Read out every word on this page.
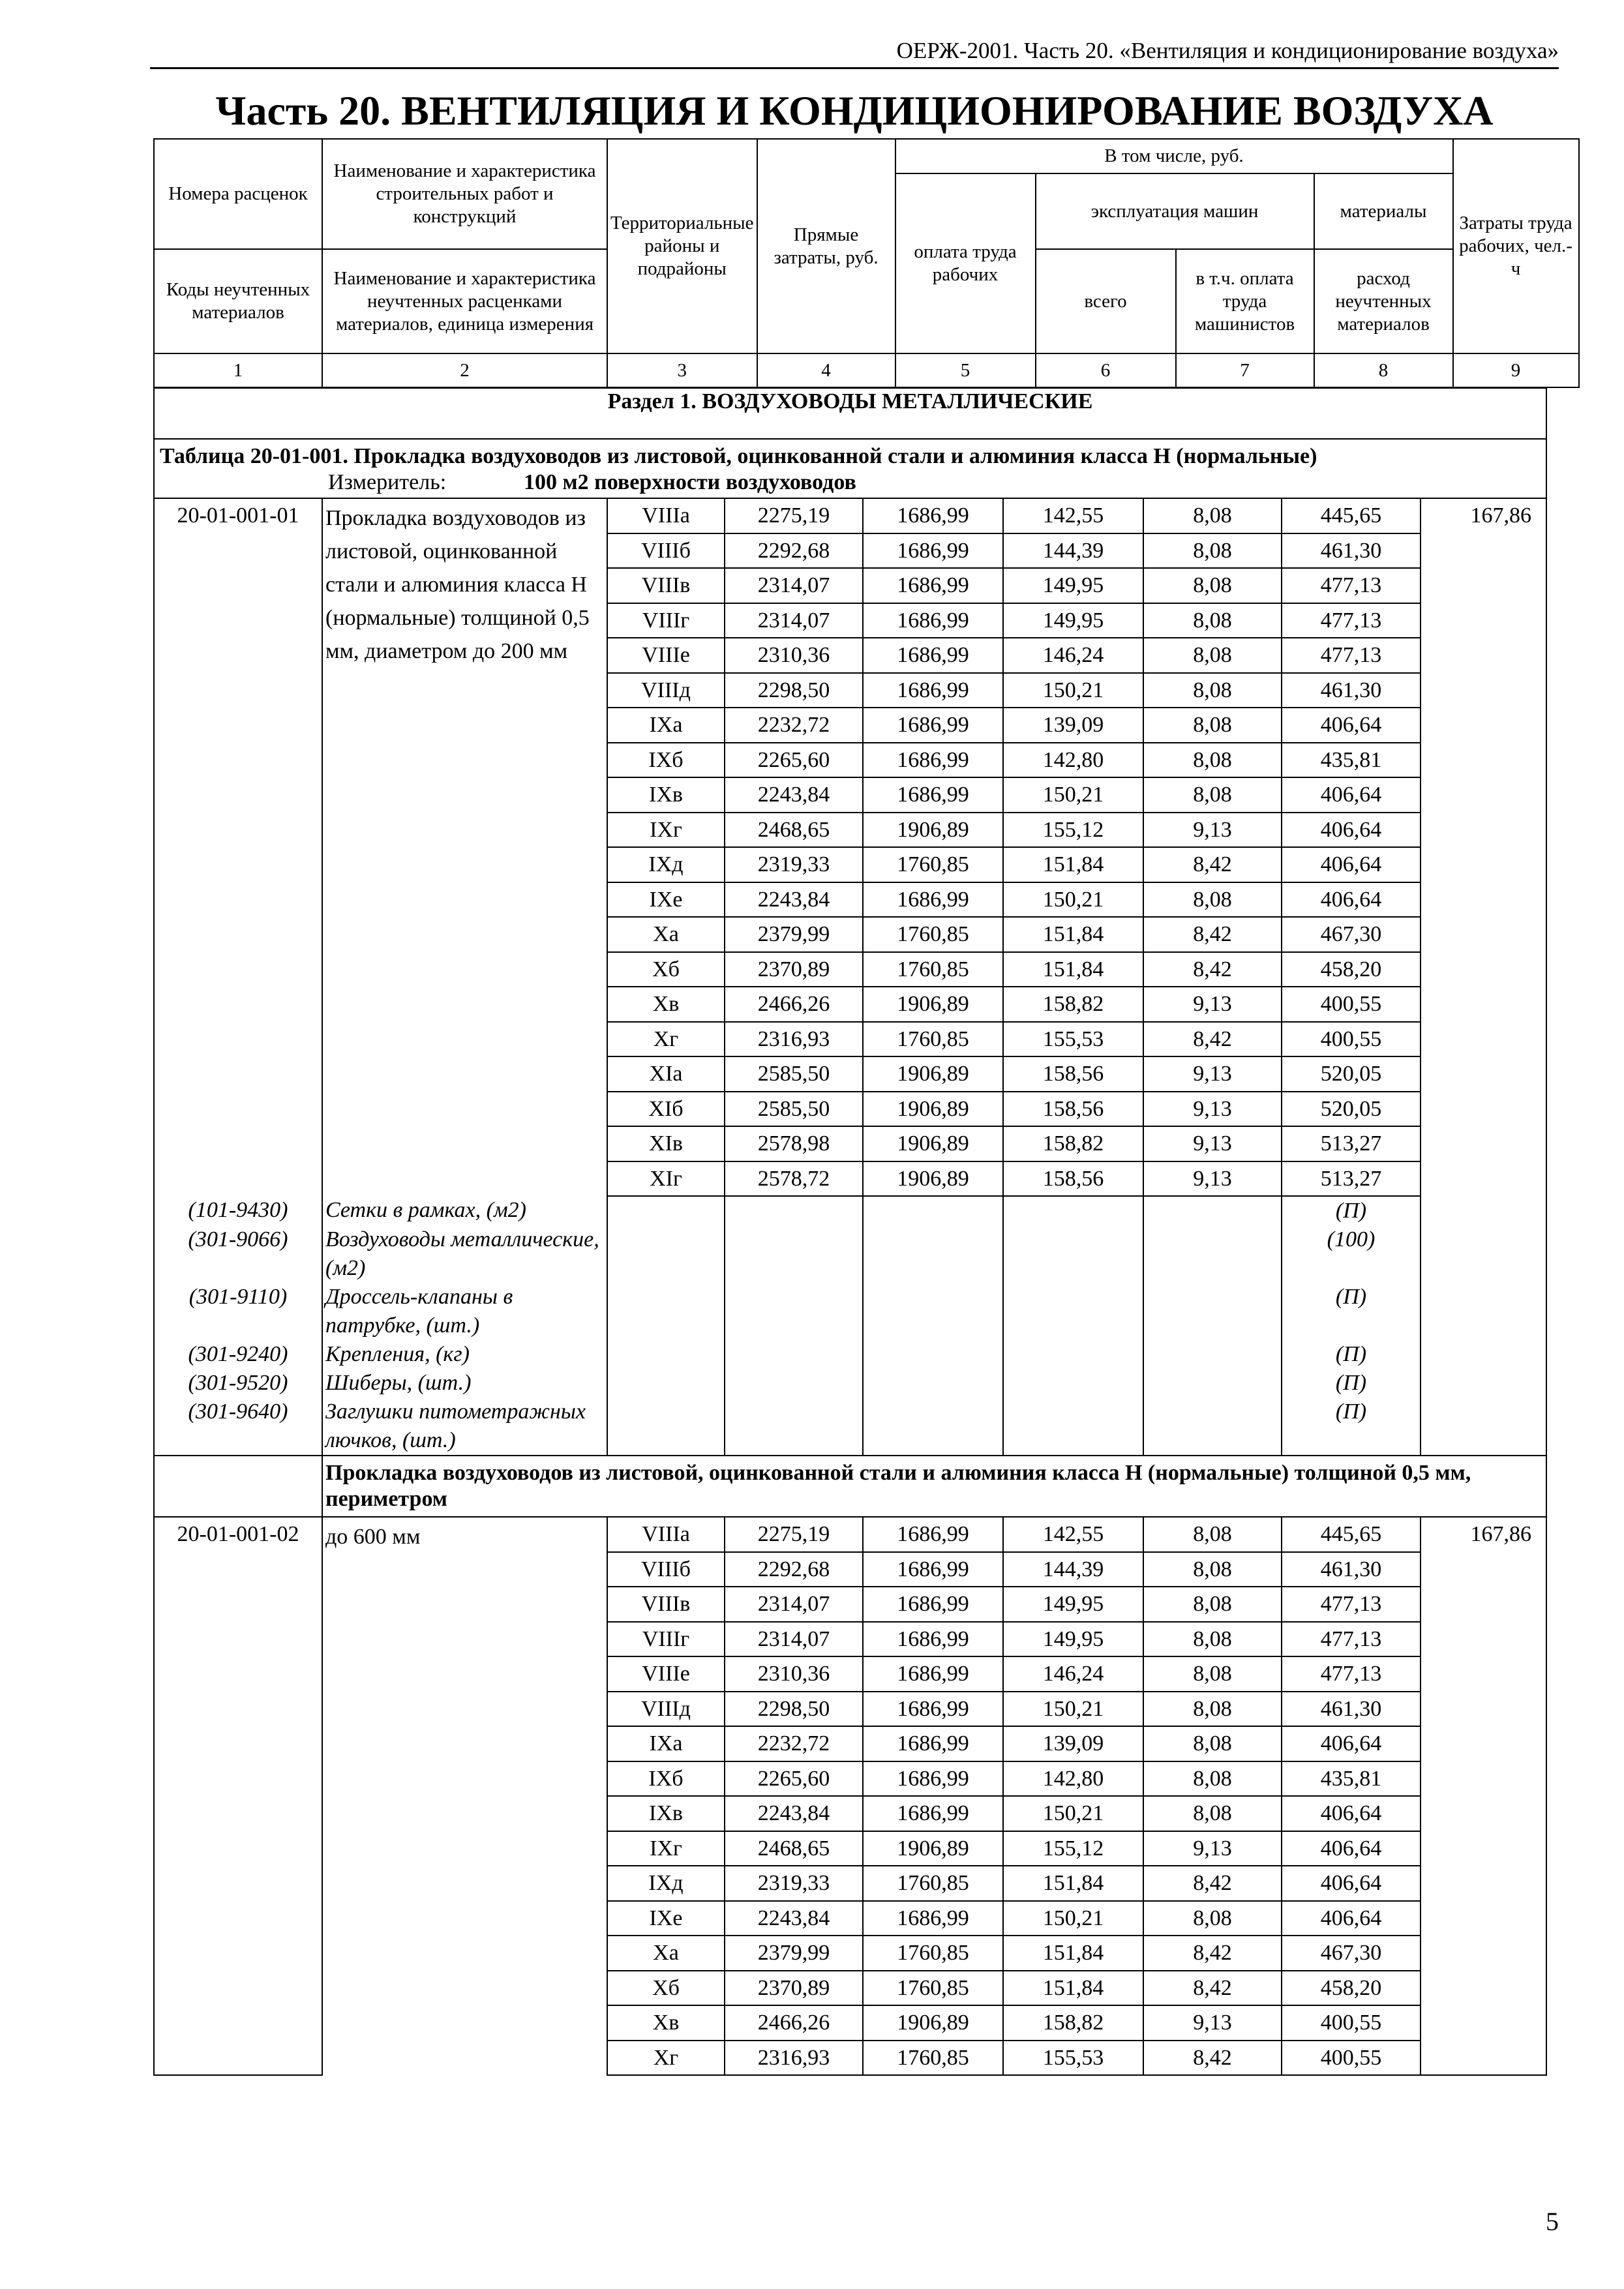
ОЕРЖ-2001. Часть 20. «Вентиляция и кондиционирование воздуха»
Часть 20. ВЕНТИЛЯЦИЯ И КОНДИЦИОНИРОВАНИЕ ВОЗДУХА
Номера расценок	Наименование и характеристика строительных работ и конструкций	Территориальные районы и подрайоны	Прямые затраты, руб.	В том числе, руб.				Затраты труда рабочих, чел.-ч
				оплата труда рабочих	эксплуатация машин		материалы	
Коды неучтенных материалов	Наименование и характеристика неучтенных расценками материалов, единица измерения				всего	в т.ч. оплата труда машинистов	расход неучтенных материалов	

1	2	3	4	5	6	7	8	9
Раздел 1. ВОЗДУХОВОДЫ МЕТАЛЛИЧЕСКИЕ								
Таблица 20-01-001. Прокладка воздуховодов из листовой, оцинкованной стали и алюминия класса Н (нормальные)								
Измеритель: 100 м2 поверхности воздуховодов								
20-01-001-01	Прокладка воздуховодов из листовой, оцинкованной стали и алюминия класса Н (нормальные) толщиной 0,5 мм, диаметром до 200 мм	VIIIа	2275,19	1686,99	142,55	8,08	445,65	167,86
		VIIIб	2292,68	1686,99	144,39	8,08	461,30	
		VIIIв	2314,07	1686,99	149,95	8,08	477,13	
		VIIIг	2314,07	1686,99	149,95	8,08	477,13	
		VIIIе	2310,36	1686,99	146,24	8,08	477,13	
		VIIIд	2298,50	1686,99	150,21	8,08	461,30	
		IXа	2232,72	1686,99	139,09	8,08	406,64	
		IXб	2265,60	1686,99	142,80	8,08	435,81	
		IXв	2243,84	1686,99	150,21	8,08	406,64	
		IXг	2468,65	1906,89	155,12	9,13	406,64	
		IXд	2319,33	1760,85	151,84	8,42	406,64	
		IXе	2243,84	1686,99	150,21	8,08	406,64	
		Xа	2379,99	1760,85	151,84	8,42	467,30	
		Xб	2370,89	1760,85	151,84	8,42	458,20	
		Xв	2466,26	1906,89	158,82	9,13	400,55	
		Xг	2316,93	1760,85	155,53	8,42	400,55	
		XIа	2585,50	1906,89	158,56	9,13	520,05	
		XIб	2585,50	1906,89	158,56	9,13	520,05	
		XIв	2578,98	1906,89	158,82	9,13	513,27	
		XIг	2578,72	1906,89	158,56	9,13	513,27	
(101-9430)	Сетки в рамках, (м2)						(П)	
(301-9066)	Воздуховоды металлические, (м2)						(100)	
(301-9110)	Дроссель-клапаны в патрубке, (шт.)						(П)	
(301-9240)	Крепления, (кг)						(П)	
(301-9520)	Шиберы, (шт.)						(П)	
(301-9640)	Заглушки питометражных лючков, (шт.)						(П)	
	Прокладка воздуховодов из листовой, оцинкованной стали и алюминия класса Н (нормальные) толщиной 0,5 мм, периметром							
20-01-001-02	до 600 мм	VIIIа	2275,19	1686,99	142,55	8,08	445,65	167,86
		VIIIб	2292,68	1686,99	144,39	8,08	461,30	
		VIIIв	2314,07	1686,99	149,95	8,08	477,13	
		VIIIг	2314,07	1686,99	149,95	8,08	477,13	
		VIIIе	2310,36	1686,99	146,24	8,08	477,13	
		VIIIд	2298,50	1686,99	150,21	8,08	461,30	
		IXа	2232,72	1686,99	139,09	8,08	406,64	
		IXб	2265,60	1686,99	142,80	8,08	435,81	
		IXв	2243,84	1686,99	150,21	8,08	406,64	
		IXг	2468,65	1906,89	155,12	9,13	406,64	
		IXд	2319,33	1760,85	151,84	8,42	406,64	
		IXе	2243,84	1686,99	150,21	8,08	406,64	
		Xа	2379,99	1760,85	151,84	8,42	467,30	
		Xб	2370,89	1760,85	151,84	8,42	458,20	
		Xв	2466,26	1906,89	158,82	9,13	400,55	
		Xг	2316,93	1760,85	155,53	8,42	400,55	
5
